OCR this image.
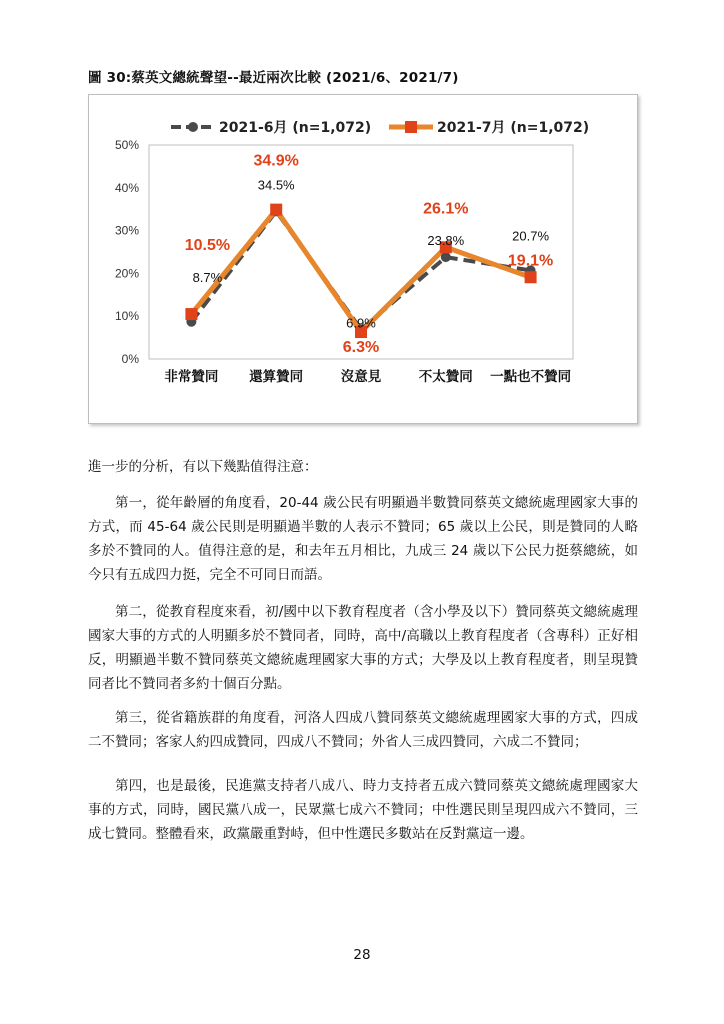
圖 30:蔡英文總統聲望--最近兩次比較 (2021/6、2021/7)
0%
10%
20%
30%
40%
50%
非常贊同 還算贊同	沒意見	不太贊同 一點也不贊同
8.7%
10.5%
34.5%
34.9%
6.9%
6.3%
23.8%
26.1%
20.7%
19.1%
2021-6月 (n=1,072)	2021-7月 (n=1,072)

進一步的分析，有以下幾點值得注意：

第一，從年齡層的角度看，20-44 歲公民有明顯過半數贊同蔡英文總統處理國家大事的方式，而 45-64 歲公民則是明顯過半數的人表示不贊同；65 歲以上公民，則是贊同的人略多於不贊同的人。值得注意的是，和去年五月相比，九成三 24 歲以下公民力挺蔡總統，如今只有五成四力挺，完全不可同日而語。

第二，從教育程度來看，初/國中以下教育程度者（含小學及以下）贊同蔡英文總統處理國家大事的方式的人明顯多於不贊同者，同時，高中/高職以上教育程度者（含專科）正好相反，明顯過半數不贊同蔡英文總統處理國家大事的方式；大學及以上教育程度者，則呈現贊同者比不贊同者多約十個百分點。

第三，從省籍族群的角度看，河洛人四成八贊同蔡英文總統處理國家大事的方式，四成二不贊同；客家人約四成贊同，四成八不贊同；外省人三成四贊同，六成二不贊同；

第四，也是最後，民進黨支持者八成八、時力支持者五成六贊同蔡英文總統處理國家大事的方式，同時，國民黨八成一，民眾黨七成六不贊同；中性選民則呈現四成六不贊同，三成七贊同。整體看來，政黨嚴重對峙，但中性選民多數站在反對黨這一邊。

28
